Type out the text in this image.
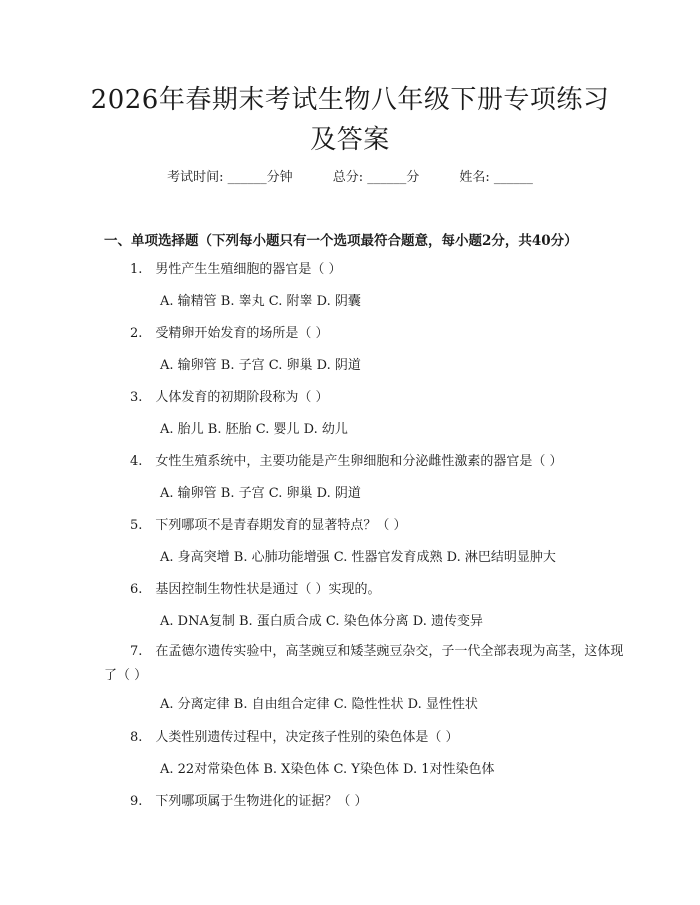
2026年春期末考试生物八年级下册专项练习
及答案
考试时间: ______分钟	总分: ______分	姓名: ______
一、单项选择题（下列每小题只有一个选项最符合题意，每小题2分，共40分）
1.　男性产生生殖细胞的器官是（ ）
A. 输精管 B. 睾丸 C. 附睾 D. 阴囊
2.　受精卵开始发育的场所是（ ）
A. 输卵管 B. 子宫 C. 卵巢 D. 阴道
3.　人体发育的初期阶段称为（ ）
A. 胎儿 B. 胚胎 C. 婴儿 D. 幼儿
4.　女性生殖系统中，主要功能是产生卵细胞和分泌雌性激素的器官是（ ）
A. 输卵管 B. 子宫 C. 卵巢 D. 阴道
5.　下列哪项不是青春期发育的显著特点？（ ）
A. 身高突增 B. 心肺功能增强 C. 性器官发育成熟 D. 淋巴结明显肿大
6.　基因控制生物性状是通过（ ）实现的。
A. DNA复制 B. 蛋白质合成 C. 染色体分离 D. 遗传变异
7.　在孟德尔遗传实验中，高茎豌豆和矮茎豌豆杂交，子一代全部表现为高茎，这体现了（ ）
A. 分离定律 B. 自由组合定律 C. 隐性性状 D. 显性性状
8.　人类性别遗传过程中，决定孩子性别的染色体是（ ）
A. 22对常染色体 B. X染色体 C. Y染色体 D. 1对性染色体
9.　下列哪项属于生物进化的证据？（ ）
